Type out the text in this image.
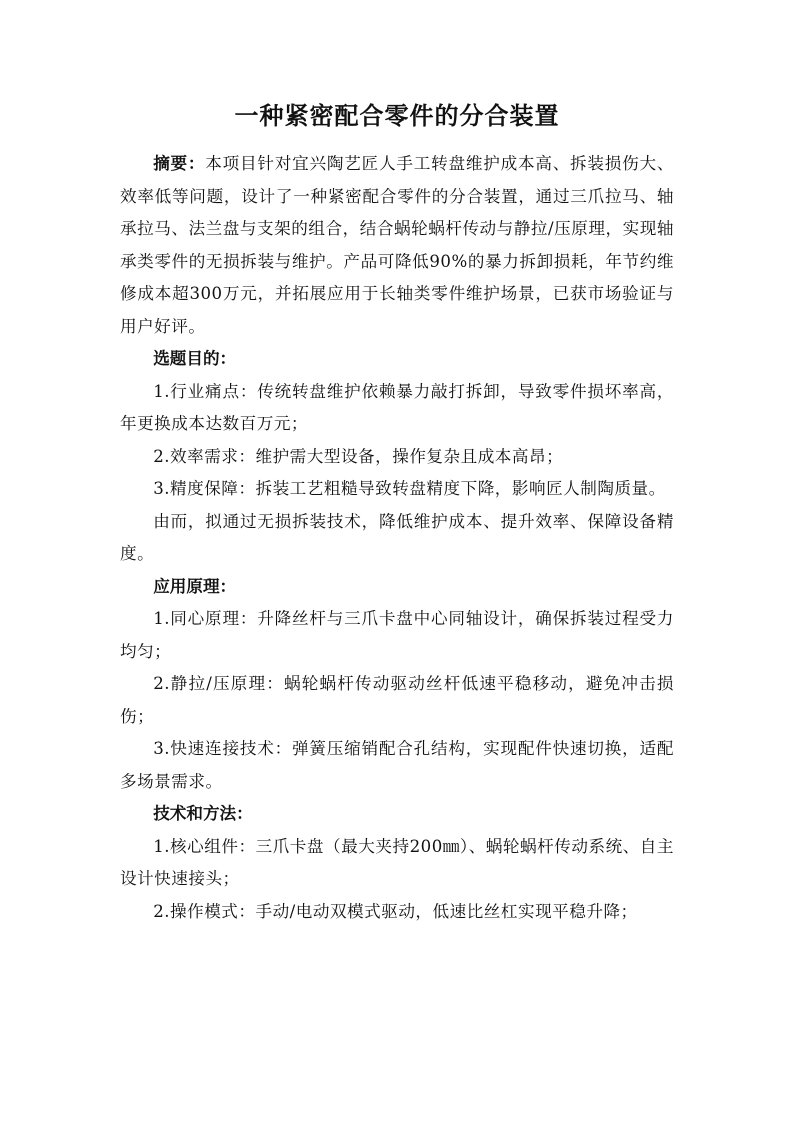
一种紧密配合零件的分合装置

摘要：本项目针对宜兴陶艺匠人手工转盘维护成本高、拆装损伤大、效率低等问题，设计了一种紧密配合零件的分合装置，通过三爪拉马、轴承拉马、法兰盘与支架的组合，结合蜗轮蜗杆传动与静拉/压原理，实现轴承类零件的无损拆装与维护。产品可降低90%的暴力拆卸损耗，年节约维修成本超300万元，并拓展应用于长轴类零件维护场景，已获市场验证与用户好评。

选题目的：

1.行业痛点：传统转盘维护依赖暴力敲打拆卸，导致零件损坏率高，年更换成本达数百万元；

2.效率需求：维护需大型设备，操作复杂且成本高昂；

3.精度保障：拆装工艺粗糙导致转盘精度下降，影响匠人制陶质量。

由而，拟通过无损拆装技术，降低维护成本、提升效率、保障设备精度。

应用原理：

1.同心原理：升降丝杆与三爪卡盘中心同轴设计，确保拆装过程受力均匀；

2.静拉/压原理：蜗轮蜗杆传动驱动丝杆低速平稳移动，避免冲击损伤；

3.快速连接技术：弹簧压缩销配合孔结构，实现配件快速切换，适配多场景需求。

技术和方法：

1.核心组件：三爪卡盘（最大夹持200㎜）、蜗轮蜗杆传动系统、自主设计快速接头；

2.操作模式：手动/电动双模式驱动，低速比丝杠实现平稳升降；
